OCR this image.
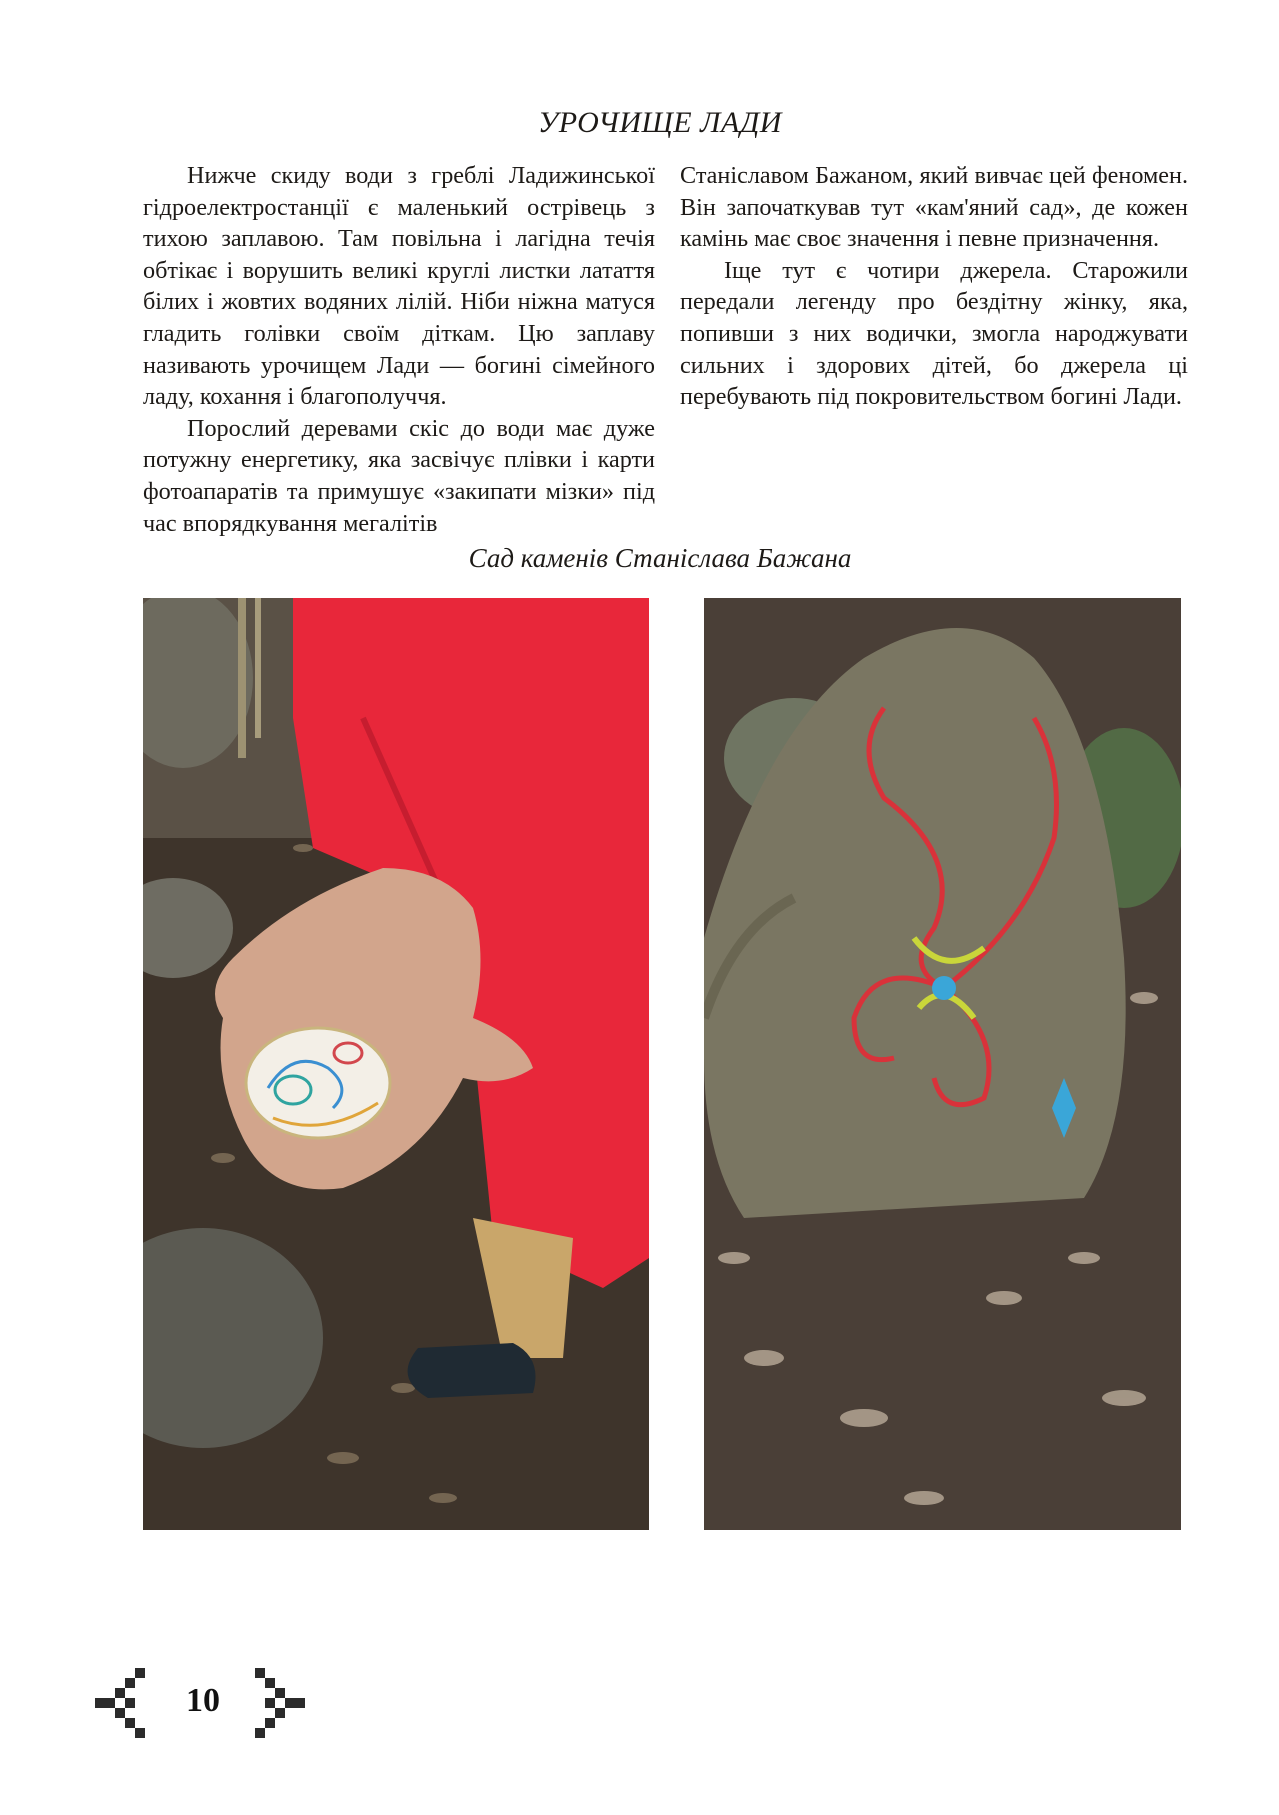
УРОЧИЩЕ ЛАДИ

Нижче скиду води з греблі Ладижинської гідроелектростанції є маленький острівець з тихою заплавою. Там повільна і лагідна течія обтікає і ворушить великі круглі листки латаття білих і жовтих водяних лілій. Ніби ніжна матуся гладить голівки своїм діткам. Цю заплаву називають урочищем Лади — богині сімейного ладу, кохання і благополуччя.

Порослий деревами скіс до води має дуже потужну енергетику, яка засвічує плівки і карти фотоапаратів та примушує «закипати мізки» під час впорядкування мегалітів

Станіславом Бажаном, який вивчає цей феномен. Він започаткував тут «кам'яний сад», де кожен камінь має своє значення і певне призначення.

Іще тут є чотири джерела. Старожили передали легенду про бездітну жінку, яка, попивши з них водички, змогла народжувати сильних і здорових дітей, бо джерела ці перебувають під покровительством богині Лади.

Сад каменів Станіслава Бажана
10
